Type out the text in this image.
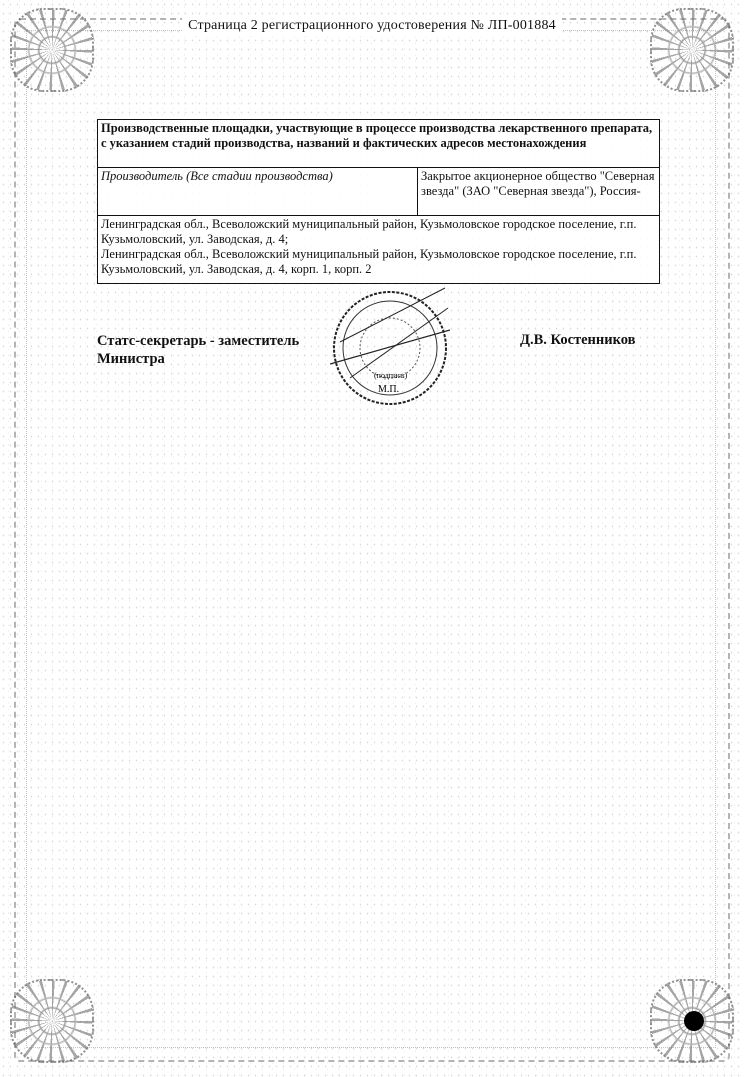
Страница 2 регистрационного удостоверения № ЛП-001884
Производственные площадки, участвующие в процессе производства лекарственного препарата, с указанием стадий производства, названий и фактических адресов местонахождения
Производитель (Все стадии производства)	Закрытое акционерное общество "Северная звезда" (ЗАО "Северная звезда"), Россия-

Ленинградская обл., Всеволожский муниципальный район, Кузьмоловское городское поселение, г.п. Кузьмоловский, ул. Заводская, д. 4;
Ленинградская обл., Всеволожский муниципальный район, Кузьмоловское городское поселение, г.п. Кузьмоловский, ул. Заводская, д. 4, корп. 1, корп. 2
Статс-секретарь - заместитель
Министра
(подпись)
М.П.
Д.В. Костенников
